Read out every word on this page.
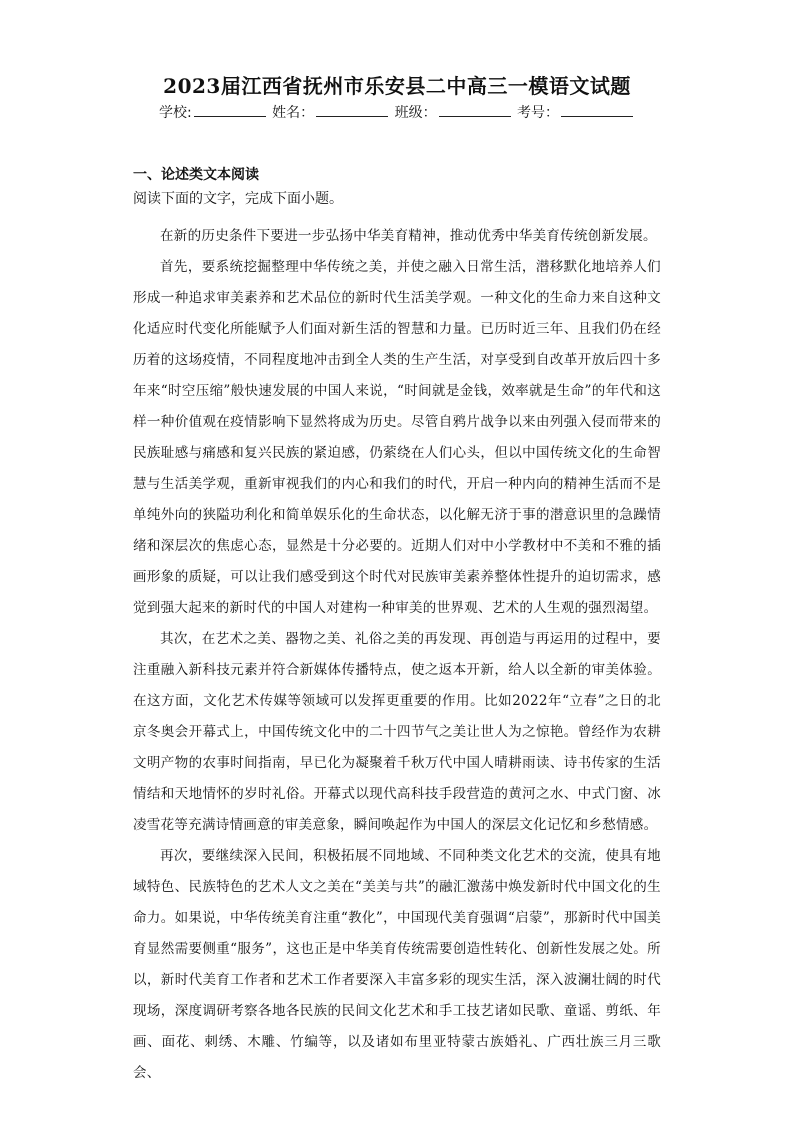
2023届江西省抚州市乐安县二中高三一模语文试题
学校:	姓名：	班级：	考号：
一、论述类文本阅读
阅读下面的文字，完成下面小题。

在新的历史条件下要进一步弘扬中华美育精神，推动优秀中华美育传统创新发展。

首先，要系统挖掘整理中华传统之美，并使之融入日常生活，潜移默化地培养人们形成一种追求审美素养和艺术品位的新时代生活美学观。一种文化的生命力来自这种文化适应时代变化所能赋予人们面对新生活的智慧和力量。已历时近三年、且我们仍在经历着的这场疫情，不同程度地冲击到全人类的生产生活，对享受到自改革开放后四十多年来“时空压缩”般快速发展的中国人来说，“时间就是金钱，效率就是生命”的年代和这样一种价值观在疫情影响下显然将成为历史。尽管自鸦片战争以来由列强入侵而带来的民族耻感与痛感和复兴民族的紧迫感，仍萦绕在人们心头，但以中国传统文化的生命智慧与生活美学观，重新审视我们的内心和我们的时代，开启一种内向的精神生活而不是单纯外向的狭隘功利化和简单娱乐化的生命状态，以化解无济于事的潜意识里的急躁情绪和深层次的焦虑心态，显然是十分必要的。近期人们对中小学教材中不美和不雅的插画形象的质疑，可以让我们感受到这个时代对民族审美素养整体性提升的迫切需求，感觉到强大起来的新时代的中国人对建构一种审美的世界观、艺术的人生观的强烈渴望。

其次，在艺术之美、器物之美、礼俗之美的再发现、再创造与再运用的过程中，要注重融入新科技元素并符合新媒体传播特点，使之返本开新，给人以全新的审美体验。在这方面，文化艺术传媒等领域可以发挥更重要的作用。比如2022年“立春”之日的北京冬奥会开幕式上，中国传统文化中的二十四节气之美让世人为之惊艳。曾经作为农耕文明产物的农事时间指南，早已化为凝聚着千秋万代中国人晴耕雨读、诗书传家的生活情结和天地情怀的岁时礼俗。开幕式以现代高科技手段营造的黄河之水、中式门窗、冰凌雪花等充满诗情画意的审美意象，瞬间唤起作为中国人的深层文化记忆和乡愁情感。

再次，要继续深入民间，积极拓展不同地域、不同种类文化艺术的交流，使具有地域特色、民族特色的艺术人文之美在“美美与共”的融汇激荡中焕发新时代中国文化的生命力。如果说，中华传统美育注重“教化”，中国现代美育强调“启蒙”，那新时代中国美育显然需要侧重“服务”，这也正是中华美育传统需要创造性转化、创新性发展之处。所以，新时代美育工作者和艺术工作者要深入丰富多彩的现实生活，深入波澜壮阔的时代现场，深度调研考察各地各民族的民间文化艺术和手工技艺诸如民歌、童谣、剪纸、年画、面花、刺绣、木雕、竹编等，以及诸如布里亚特蒙古族婚礼、广西壮族三月三歌会、
